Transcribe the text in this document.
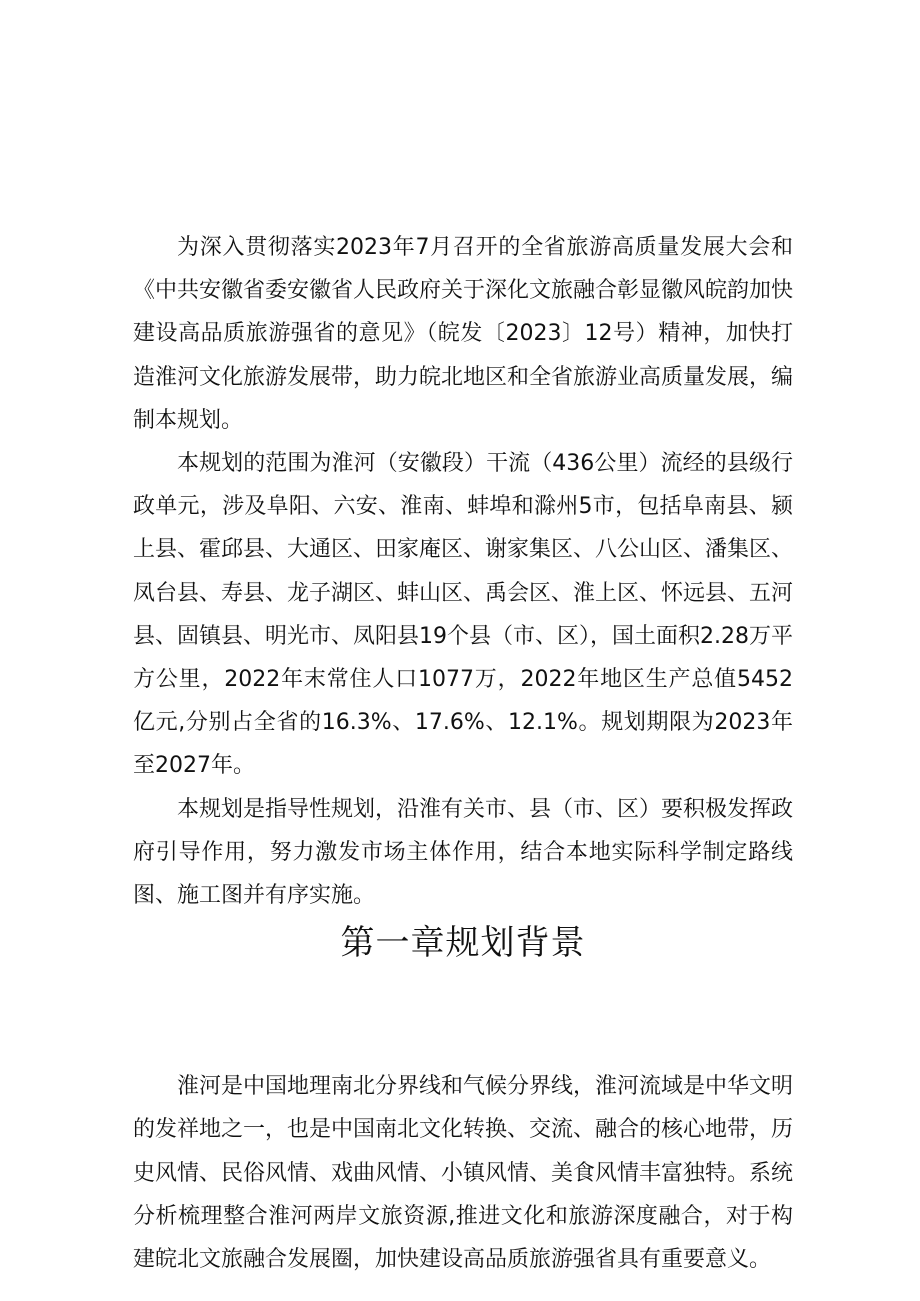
为深入贯彻落实2023年7月召开的全省旅游高质量发展大会和《中共安徽省委安徽省人民政府关于深化文旅融合彰显徽风皖韵加快建设高品质旅游强省的意见》（皖发〔2023〕12号）精神，加快打造淮河文化旅游发展带，助力皖北地区和全省旅游业高质量发展，编制本规划。

本规划的范围为淮河（安徽段）干流（436公里）流经的县级行政单元，涉及阜阳、六安、淮南、蚌埠和滁州5市，包括阜南县、颍上县、霍邱县、大通区、田家庵区、谢家集区、八公山区、潘集区、凤台县、寿县、龙子湖区、蚌山区、禹会区、淮上区、怀远县、五河县、固镇县、明光市、凤阳县19个县（市、区），国土面积2.28万平方公里，2022年末常住人口1077万，2022年地区生产总值5452亿元,分别占全省的16.3%、17.6%、12.1%。规划期限为2023年至2027年。

本规划是指导性规划，沿淮有关市、县（市、区）要积极发挥政府引导作用，努力激发市场主体作用，结合本地实际科学制定路线图、施工图并有序实施。

第一章规划背景

淮河是中国地理南北分界线和气候分界线，淮河流域是中华文明的发祥地之一，也是中国南北文化转换、交流、融合的核心地带，历史风情、民俗风情、戏曲风情、小镇风情、美食风情丰富独特。系统分析梳理整合淮河两岸文旅资源,推进文化和旅游深度融合，对于构建皖北文旅融合发展圈，加快建设高品质旅游强省具有重要意义。
